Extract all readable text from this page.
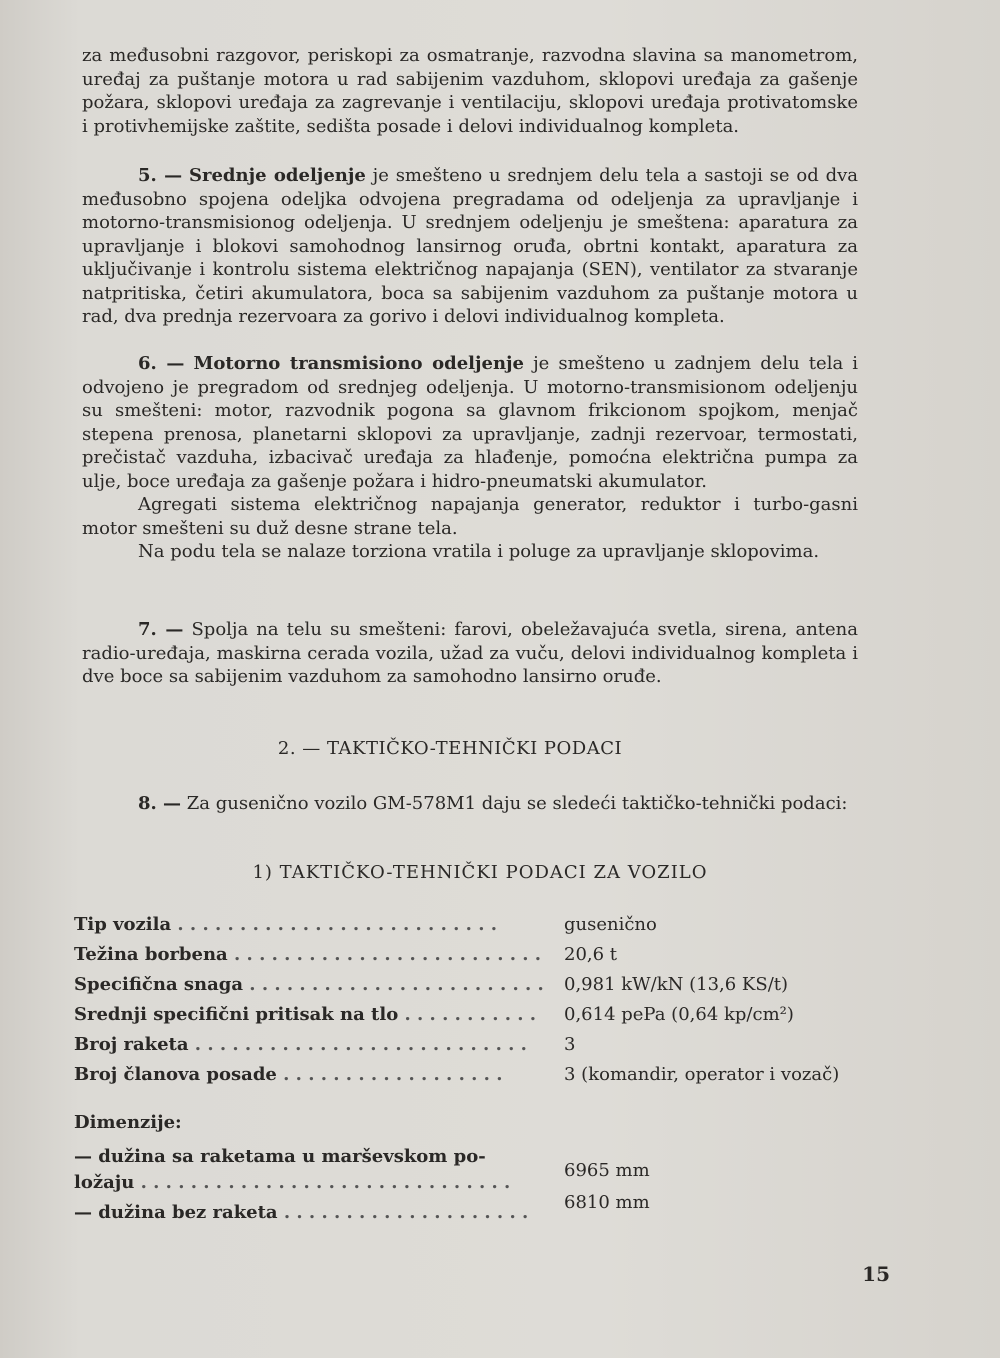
za međusobni razgovor, periskopi za osmatranje, razvodna slavina sa manometrom, uređaj za puštanje motora u rad sabijenim vazduhom, sklopovi uređaja za gašenje požara, sklopovi uređaja za zagrevanje i ventilaciju, sklopovi uređaja protivatomske i protivhemijske zaštite, sedišta posade i delovi individualnog kompleta.

5. — Srednje odeljenje je smešteno u srednjem delu tela a sastoji se od dva međusobno spojena odeljka odvojena pregradama od odeljenja za upravljanje i motorno-transmisionog odeljenja. U srednjem odeljenju je smeštena: aparatura za upravljanje i blokovi samohodnog lansirnog oruđa, obrtni kontakt, aparatura za uključivanje i kontrolu sistema električnog napajanja (SEN), ventilator za stvaranje natpritiska, četiri akumulatora, boca sa sabijenim vazduhom za puštanje motora u rad, dva prednja rezervoara za gorivo i delovi individualnog kompleta.

6. — Motorno transmisiono odeljenje je smešteno u zadnjem delu tela i odvojeno je pregradom od srednjeg odeljenja. U motorno-transmisionom odeljenju su smešteni: motor, razvodnik pogona sa glavnom frikcionom spojkom, menjač stepena prenosa, planetarni sklopovi za upravljanje, zadnji rezervoar, termostati, prečistač vazduha, izbacivač uređaja za hlađenje, pomoćna električna pumpa za ulje, boce uređaja za gašenje požara i hidro-pneumatski akumulator.

Agregati sistema električnog napajanja generator, reduktor i turbo-gasni motor smešteni su duž desne strane tela.

Na podu tela se nalaze torziona vratila i poluge za upravljanje sklopovima.

7. — Spolja na telu su smešteni: farovi, obeležavajuća svetla, sirena, antena radio-uređaja, maskirna cerada vozila, užad za vuču, delovi individualnog kompleta i dve boce sa sabijenim vazduhom za samohodno lansirno oruđe.

2. — TAKTIČKO-TEHNIČKI PODACI

8. — Za gusenično vozilo GM-578M1 daju se sledeći taktičko-tehnički podaci:

1) TAKTIČKO-TEHNIČKI PODACI ZA VOZILO
Tip vozila . . . . . . . . . . . . . . . . . . . . . . . . . .	gusenično
Težina borbena . . . . . . . . . . . . . . . . . . . . . . . . . 20,6 t
Specifična snaga . . . . . . . . . . . . . . . . . . . . . . . . 0,981 kW/kN (13,6 KS/t)
Srednji specifični pritisak na tlo . . . . . . . . . . .	0,614 pePa (0,64 kp/cm²)
Broj raketa . . . . . . . . . . . . . . . . . . . . . . . . . . .	3
Broj članova posade . . . . . . . . . . . . . . . . . .	3 (komandir, operator i vozač)
Dimenzije:
— dužina sa raketama u marševskom po-
ložaju . . . . . . . . . . . . . . . . . . . . . . . . . . . . . .
6965 mm
— dužina bez raketa . . . . . . . . . . . . . . . . . . . .	6810 mm
15
